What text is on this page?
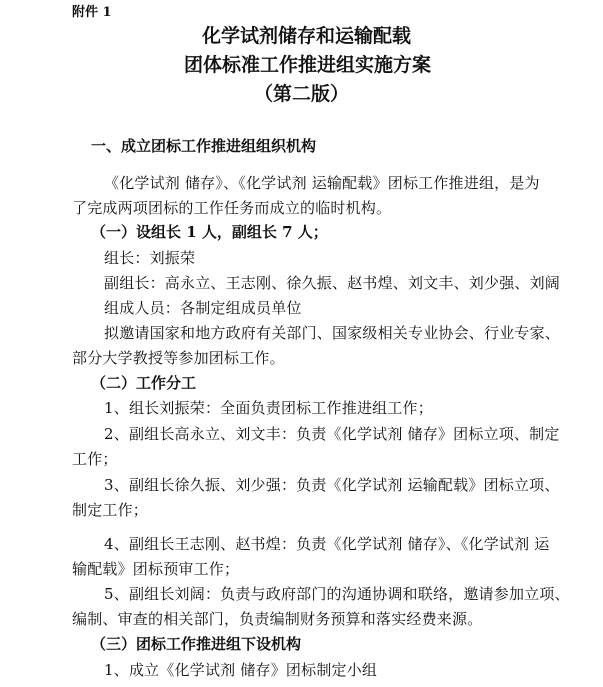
附件 1
化学试剂储存和运输配载
团体标准工作推进组实施方案
（第二版）
一、成立团标工作推进组组织机构
《化学试剂 储存》、《化学试剂 运输配载》团标工作推进组，是为
了完成两项团标的工作任务而成立的临时机构。
（一）设组长 1 人，副组长 7 人；
组长：刘振荣
副组长：高永立、王志刚、徐久振、赵书煌、刘文丰、刘少强、刘阔
组成人员：各制定组成员单位
拟邀请国家和地方政府有关部门、国家级相关专业协会、行业专家、
部分大学教授等参加团标工作。
（二）工作分工
1、组长刘振荣：全面负责团标工作推进组工作；
2、副组长高永立、刘文丰：负责《化学试剂 储存》团标立项、制定
工作；
3、副组长徐久振、刘少强：负责《化学试剂 运输配载》团标立项、
制定工作；
4、副组长王志刚、赵书煌：负责《化学试剂 储存》、《化学试剂 运
输配载》团标预审工作；
5、副组长刘阔：负责与政府部门的沟通协调和联络，邀请参加立项、
编制、审查的相关部门，负责编制财务预算和落实经费来源。
（三）团标工作推进组下设机构
1、成立《化学试剂 储存》团标制定小组
